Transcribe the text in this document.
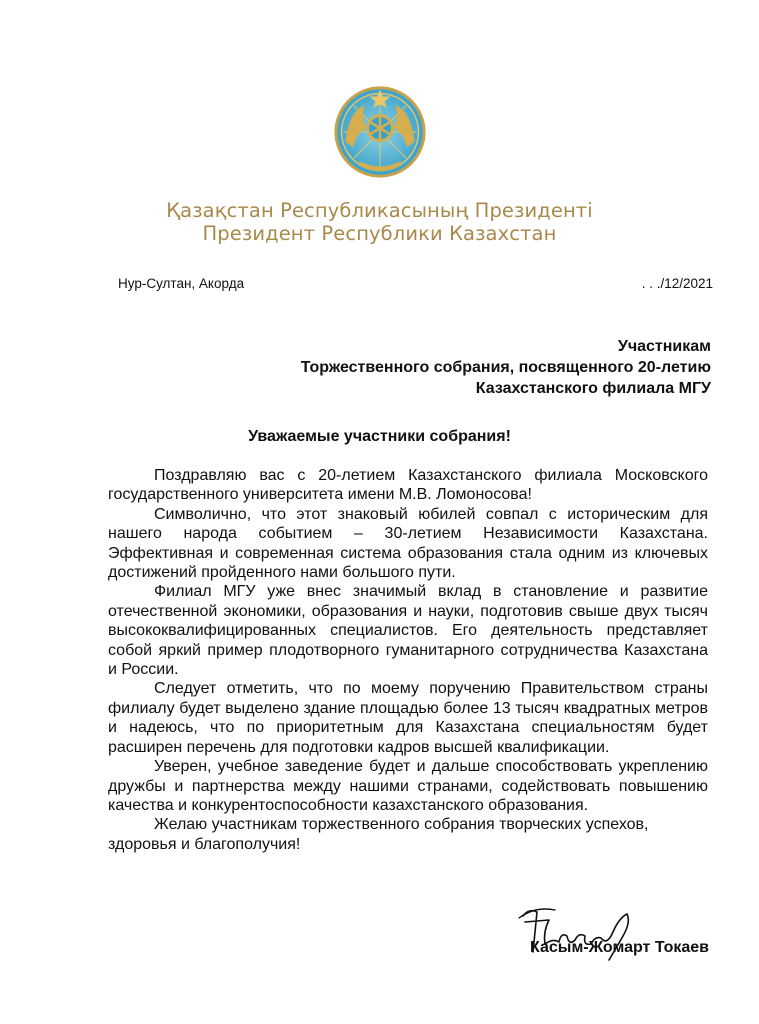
Қазақстан Республикасының Президенті
Президент Республики Казахстан
Нур-Султан, Акорда	. . ./12/2021
Участникам
Торжественного собрания, посвященного 20-летию
Казахстанского филиала МГУ
Уважаемые участники собрания!

Поздравляю вас с 20-летием Казахстанского филиала Московского государственного университета имени М.В. Ломоносова!

Символично, что этот знаковый юбилей совпал с историческим для нашего народа событием – 30-летием Независимости Казахстана. Эффективная и современная система образования стала одним из ключевых достижений пройденного нами большого пути.

Филиал МГУ уже внес значимый вклад в становление и развитие отечественной экономики, образования и науки, подготовив свыше двух тысяч высококвалифицированных специалистов. Его деятельность представляет собой яркий пример плодотворного гуманитарного сотрудничества Казахстана и России.

Следует отметить, что по моему поручению Правительством страны филиалу будет выделено здание площадью более 13 тысяч квадратных метров и надеюсь, что по приоритетным для Казахстана специальностям будет расширен перечень для подготовки кадров высшей квалификации.

Уверен, учебное заведение будет и дальше способствовать укреплению дружбы и партнерства между нашими странами, содействовать повышению качества и конкурентоспособности казахстанского образования.

Желаю участникам торжественного собрания творческих успехов, здоровья и благополучия!

Касым-Жомарт Токаев
